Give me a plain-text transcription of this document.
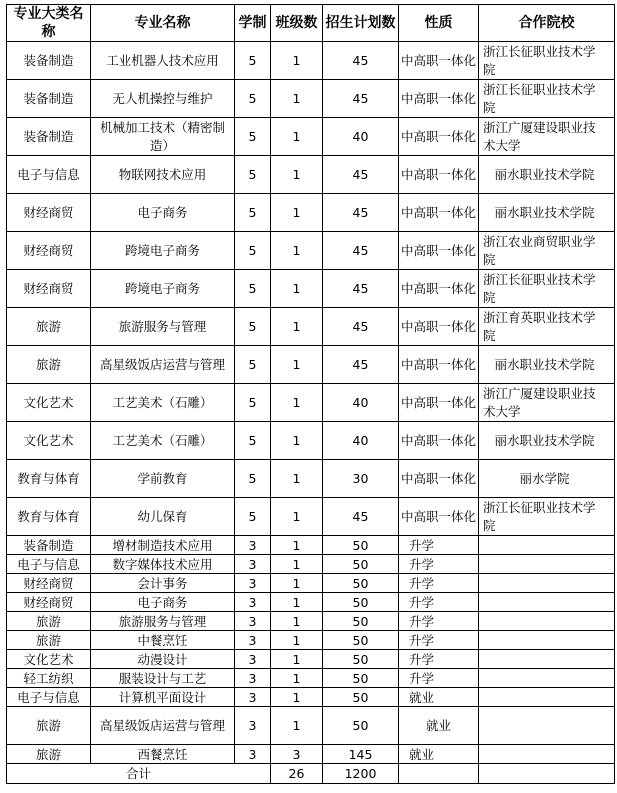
专业大类名称	专业名称	学制	班级数	招生计划数	性质	合作院校
装备制造	工业机器人技术应用	5	1	45	中高职一体化	浙江长征职业技术学院
装备制造	无人机操控与维护	5	1	45	中高职一体化	浙江长征职业技术学院
装备制造	机械加工技术（精密制造）	5	1	40	中高职一体化	浙江广厦建设职业技术大学
电子与信息	物联网技术应用	5	1	45	中高职一体化	丽水职业技术学院
财经商贸	电子商务	5	1	45	中高职一体化	丽水职业技术学院
财经商贸	跨境电子商务	5	1	45	中高职一体化	浙江农业商贸职业学院
财经商贸	跨境电子商务	5	1	45	中高职一体化	浙江长征职业技术学院
旅游	旅游服务与管理	5	1	45	中高职一体化	浙江育英职业技术学院
旅游	高星级饭店运营与管理	5	1	45	中高职一体化	丽水职业技术学院
文化艺术	工艺美术（石雕）	5	1	40	中高职一体化	浙江广厦建设职业技术大学
文化艺术	工艺美术（石雕）	5	1	40	中高职一体化	丽水职业技术学院
教育与体育	学前教育	5	1	30	中高职一体化	丽水学院
教育与体育	幼儿保育	5	1	45	中高职一体化	浙江长征职业技术学院
装备制造	增材制造技术应用	3	1	50	升学	
电子与信息	数字媒体技术应用	3	1	50	升学	
财经商贸	会计事务	3	1	50	升学	
财经商贸	电子商务	3	1	50	升学	
旅游	旅游服务与管理	3	1	50	升学	
旅游	中餐烹饪	3	1	50	升学	
文化艺术	动漫设计	3	1	50	升学	
轻工纺织	服装设计与工艺	3	1	50	升学	
电子与信息	计算机平面设计	3	1	50	就业	
旅游	高星级饭店运营与管理	3	1	50	就业	
旅游	西餐烹饪	3	3	145	就业	
合计			26	1200		
